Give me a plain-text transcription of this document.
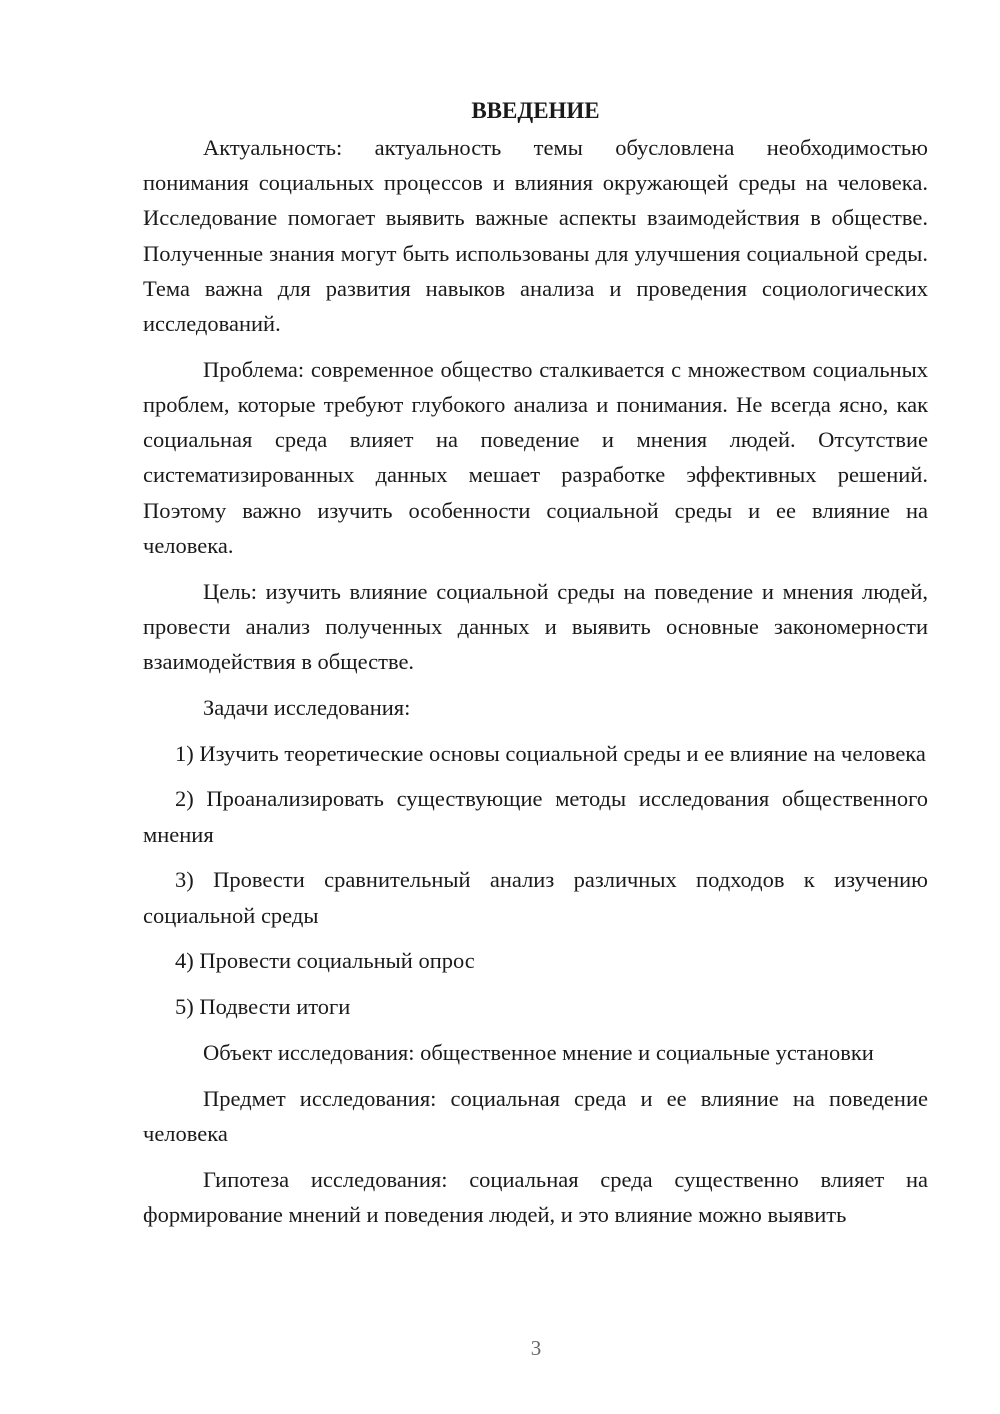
ВВЕДЕНИЕ

Актуальность: актуальность темы обусловлена необходимостью понимания социальных процессов и влияния окружающей среды на человека. Исследование помогает выявить важные аспекты взаимодействия в обществе. Полученные знания могут быть использованы для улучшения социальной среды. Тема важна для развития навыков анализа и проведения социологических исследований.

Проблема: современное общество сталкивается с множеством социальных проблем, которые требуют глубокого анализа и понимания. Не всегда ясно, как социальная среда влияет на поведение и мнения людей. Отсутствие систематизированных данных мешает разработке эффективных решений. Поэтому важно изучить особенности социальной среды и ее влияние на человека.

Цель: изучить влияние социальной среды на поведение и мнения людей, провести анализ полученных данных и выявить основные закономерности взаимодействия в обществе.

Задачи исследования:

1) Изучить теоретические основы социальной среды и ее влияние на человека

2) Проанализировать существующие методы исследования общественного мнения

3) Провести сравнительный анализ различных подходов к изучению социальной среды

4) Провести социальный опрос

5) Подвести итоги

Объект исследования: общественное мнение и социальные установки

Предмет исследования: социальная среда и ее влияние на поведение человека

Гипотеза исследования: социальная среда существенно влияет на формирование мнений и поведения людей, и это влияние можно выявить

3
